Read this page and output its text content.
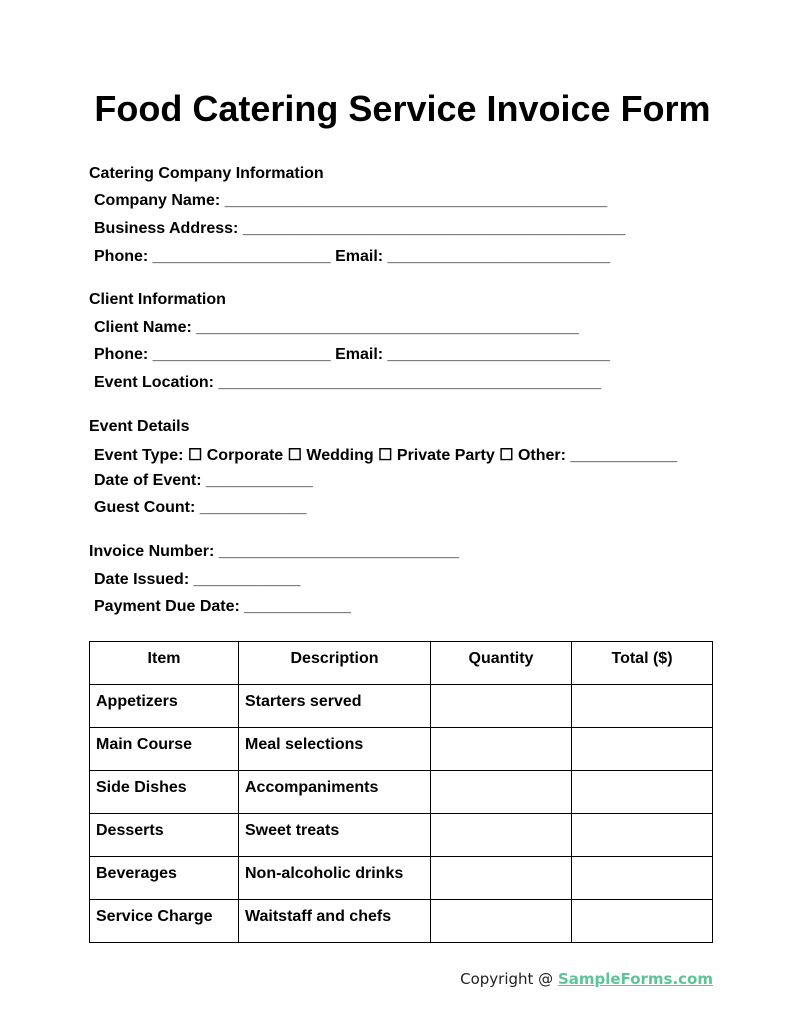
Food Catering Service Invoice Form
Catering Company Information
Company Name: ___________________________________________
Business Address: ___________________________________________
Phone: ____________________ Email: _________________________
Client Information
Client Name: ___________________________________________
Phone: ____________________ Email: _________________________
Event Location: ___________________________________________
Event Details
Event Type: ☐ Corporate ☐ Wedding ☐ Private Party ☐ Other: ____________
Date of Event: ____________
Guest Count: ____________
Invoice Number: ___________________________
Date Issued: ____________
Payment Due Date: ____________
Item	Description	Quantity	Total ($)
Appetizers	Starters served		
Main Course	Meal selections		
Side Dishes	Accompaniments		
Desserts	Sweet treats		
Beverages	Non-alcoholic drinks		
Service Charge	Waitstaff and chefs		
Copyright @ SampleForms.com
